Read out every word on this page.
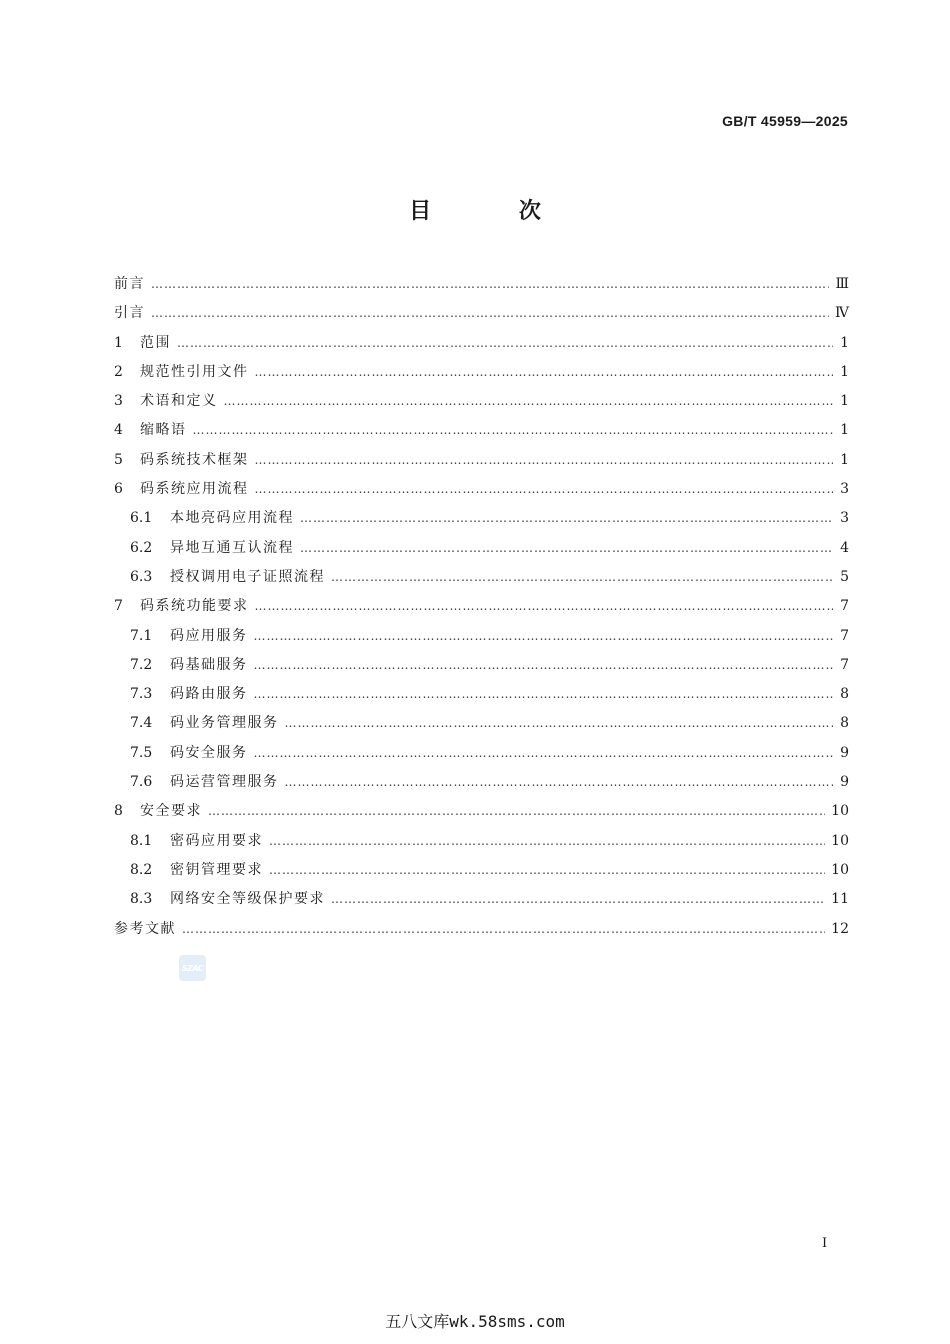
GB/T 45959—2025
目 次
前言 …………………………………………………………………………………………………………………………………………………………………………………………………………………………………………………………………………	Ⅲ
引言 …………………………………………………………………………………………………………………………………………………………………………………………………………………………………………………………………………	Ⅳ
1	范围 …………………………………………………………………………………………………………………………………………………………………………………………………………………………………………………………………………	1
2	规范性引用文件 …………………………………………………………………………………………………………………………………………………………………………………………………………………………………………………………………………	1
3	术语和定义 …………………………………………………………………………………………………………………………………………………………………………………………………………………………………………………………………………	1
4	缩略语 …………………………………………………………………………………………………………………………………………………………………………………………………………………………………………………………………………	1
5	码系统技术框架 …………………………………………………………………………………………………………………………………………………………………………………………………………………………………………………………………………	1
6	码系统应用流程 …………………………………………………………………………………………………………………………………………………………………………………………………………………………………………………………………………	3
6.1	本地亮码应用流程 …………………………………………………………………………………………………………………………………………………………………………………………………………………………………………………………………………	3
6.2	异地互通互认流程 …………………………………………………………………………………………………………………………………………………………………………………………………………………………………………………………………………	4
6.3	授权调用电子证照流程 …………………………………………………………………………………………………………………………………………………………………………………………………………………………………………………………………………	5
7	码系统功能要求 …………………………………………………………………………………………………………………………………………………………………………………………………………………………………………………………………………	7
7.1	码应用服务 …………………………………………………………………………………………………………………………………………………………………………………………………………………………………………………………………………	7
7.2	码基础服务 …………………………………………………………………………………………………………………………………………………………………………………………………………………………………………………………………………	7
7.3	码路由服务 …………………………………………………………………………………………………………………………………………………………………………………………………………………………………………………………………………	8
7.4	码业务管理服务 …………………………………………………………………………………………………………………………………………………………………………………………………………………………………………………………………………	8
7.5	码安全服务 …………………………………………………………………………………………………………………………………………………………………………………………………………………………………………………………………………	9
7.6	码运营管理服务 …………………………………………………………………………………………………………………………………………………………………………………………………………………………………………………………………………	9
8	安全要求 …………………………………………………………………………………………………………………………………………………………………………………………………………………………………………………………………………	10
8.1	密码应用要求 …………………………………………………………………………………………………………………………………………………………………………………………………………………………………………………………………………	10
8.2	密钥管理要求 …………………………………………………………………………………………………………………………………………………………………………………………………………………………………………………………………………	10
8.3	网络安全等级保护要求 …………………………………………………………………………………………………………………………………………………………………………………………………………………………………………………………………………	11
参考文献 …………………………………………………………………………………………………………………………………………………………………………………………………………………………………………………………………………	12
SZAC
I
五八文库wk.58sms.com
